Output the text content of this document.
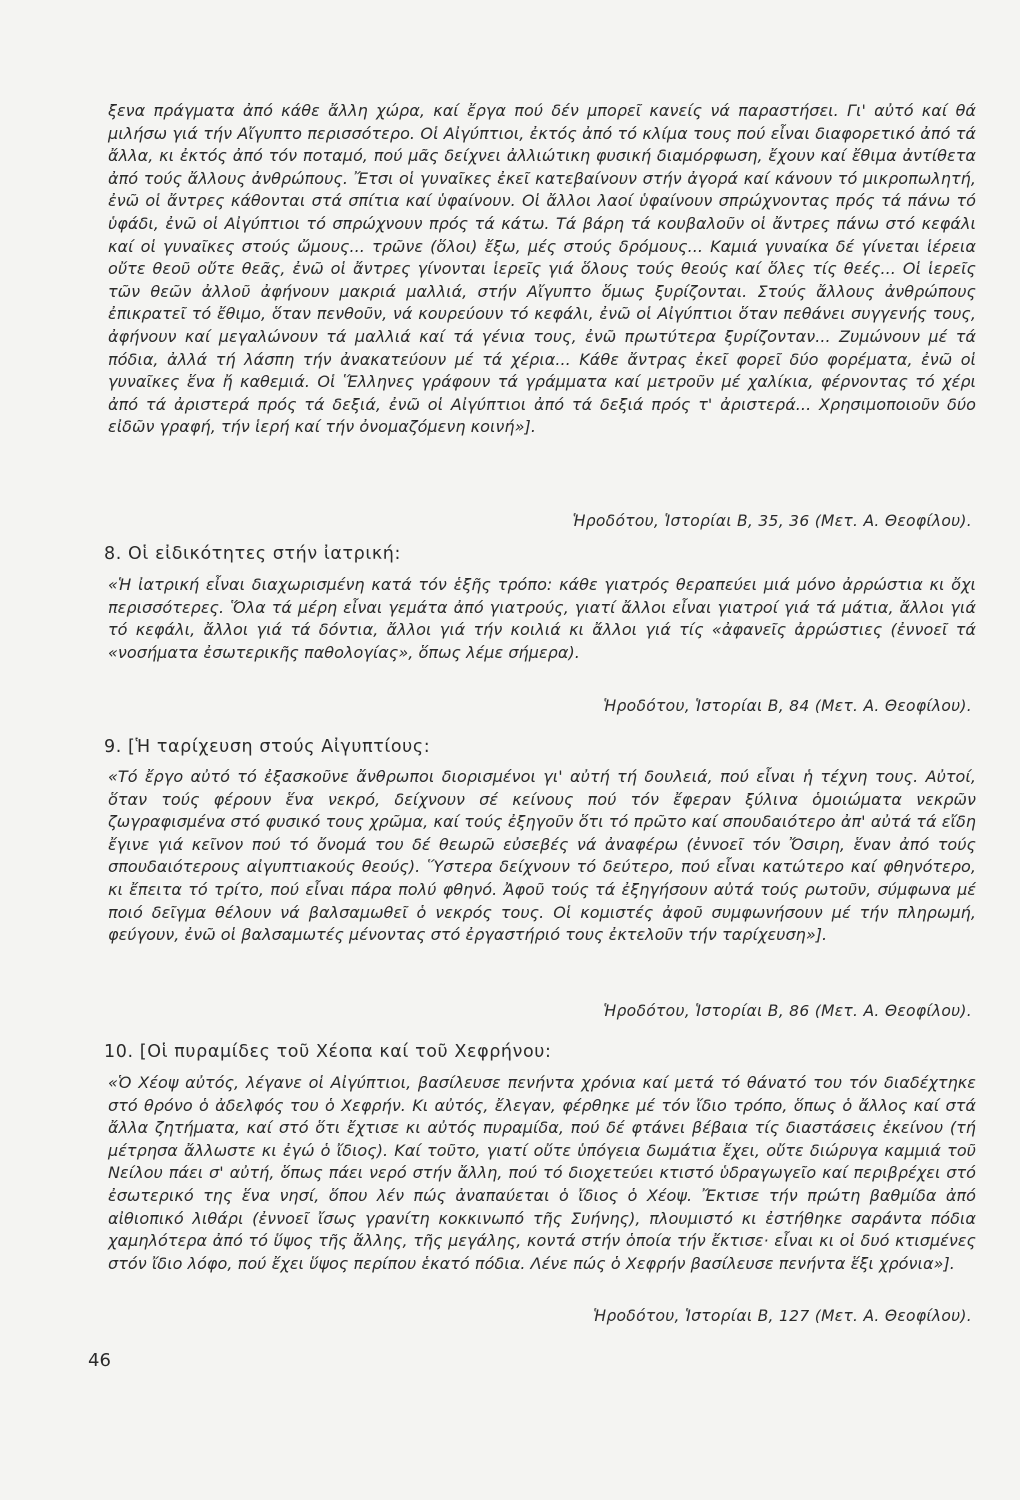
ξενα πράγματα ἀπό κάθε ἄλλη χώρα, καί ἔργα πού δέν μπορεῖ κανείς νά παραστήσει. Γι' αὐτό καί θά μιλήσω γιά τήν Αἴγυπτο περισσότερο. Οἱ Αἰγύπτιοι, ἐκτός ἀπό τό κλίμα τους πού εἶναι διαφορετικό ἀπό τά ἄλλα, κι ἐκτός ἀπό τόν ποταμό, πού μᾶς δείχνει ἀλλιώτικη φυσική διαμόρφωση, ἔχουν καί ἔθιμα ἀντίθετα ἀπό τούς ἄλλους ἀνθρώπους. Ἔτσι οἱ γυναῖκες ἐκεῖ κατεβαίνουν στήν ἀγορά καί κάνουν τό μικροπωλητή, ἐνῶ οἱ ἄντρες κάθονται στά σπίτια καί ὑφαίνουν. Οἱ ἄλλοι λαοί ὑφαίνουν σπρώχνοντας πρός τά πάνω τό ὑφάδι, ἐνῶ οἱ Αἰγύπτιοι τό σπρώχνουν πρός τά κάτω. Τά βάρη τά κουβαλοῦν οἱ ἄντρες πάνω στό κεφάλι καί οἱ γυναῖκες στούς ὤμους... τρῶνε (ὅλοι) ἔξω, μές στούς δρόμους... Καμιά γυναίκα δέ γίνεται ἱέρεια οὔτε θεοῦ οὔτε θεᾶς, ἐνῶ οἱ ἄντρες γίνονται ἱερεῖς γιά ὅλους τούς θεούς καί ὅλες τίς θεές... Οἱ ἱερεῖς τῶν θεῶν ἀλλοῦ ἀφήνουν μακριά μαλλιά, στήν Αἴγυπτο ὅμως ξυρίζονται. Στούς ἄλλους ἀνθρώπους ἐπικρατεῖ τό ἔθιμο, ὅταν πενθοῦν, νά κουρεύουν τό κεφάλι, ἐνῶ οἱ Αἰγύπτιοι ὅταν πεθάνει συγγενής τους, ἀφήνουν καί μεγαλώνουν τά μαλλιά καί τά γένια τους, ἐνῶ πρωτύτερα ξυρίζονταν... Ζυμώνουν μέ τά πόδια, ἀλλά τή λάσπη τήν ἀνακατεύουν μέ τά χέρια... Κάθε ἄντρας ἐκεῖ φορεῖ δύο φορέματα, ἐνῶ οἱ γυναῖκες ἕνα ἤ καθεμιά. Οἱ Ἕλληνες γράφουν τά γράμματα καί μετροῦν μέ χαλίκια, φέρνοντας τό χέρι ἀπό τά ἀριστερά πρός τά δεξιά, ἐνῶ οἱ Αἰγύπτιοι ἀπό τά δεξιά πρός τ' ἀριστερά... Χρησιμοποιοῦν δύο εἰδῶν γραφή, τήν ἱερή καί τήν ὀνομαζόμενη κοινή»].
Ἡροδότου, Ἱστορίαι Β, 35, 36 (Μετ. Α. Θεοφίλου).
8. Οἱ εἰδικότητες στήν ἰατρική:
«Ἡ ἰατρική εἶναι διαχωρισμένη κατά τόν ἑξῆς τρόπο: κάθε γιατρός θεραπεύει μιά μόνο ἀρρώστια κι ὄχι περισσότερες. Ὅλα τά μέρη εἶναι γεμάτα ἀπό γιατρούς, γιατί ἄλλοι εἶναι γιατροί γιά τά μάτια, ἄλλοι γιά τό κεφάλι, ἄλλοι γιά τά δόντια, ἄλλοι γιά τήν κοιλιά κι ἄλλοι γιά τίς «ἀφανεῖς ἀρρώστιες (ἐννοεῖ τά «νοσήματα ἐσωτερικῆς παθολογίας», ὅπως λέμε σήμερα).
Ἡροδότου, Ἱστορίαι Β, 84 (Μετ. Α. Θεοφίλου).
9. [Ἡ ταρίχευση στούς Αἰγυπτίους:
«Τό ἔργο αὐτό τό ἐξασκοῦνε ἄνθρωποι διορισμένοι γι' αὐτή τή δουλειά, πού εἶναι ἡ τέχνη τους. Αὐτοί, ὅταν τούς φέρουν ἕνα νεκρό, δείχνουν σέ κείνους πού τόν ἔφεραν ξύλινα ὁμοιώματα νεκρῶν ζωγραφισμένα στό φυσικό τους χρῶμα, καί τούς ἐξηγοῦν ὅτι τό πρῶτο καί σπουδαιότερο ἀπ' αὐτά τά εἴδη ἔγινε γιά κεῖνον πού τό ὄνομά του δέ θεωρῶ εὐσεβές νά ἀναφέρω (ἐννοεῖ τόν Ὄσιρη, ἕναν ἀπό τούς σπουδαιότερους αἰγυπτιακούς θεούς). Ὕστερα δείχνουν τό δεύτερο, πού εἶναι κατώτερο καί φθηνότερο, κι ἔπειτα τό τρίτο, πού εἶναι πάρα πολύ φθηνό. Ἀφοῦ τούς τά ἐξηγήσουν αὐτά τούς ρωτοῦν, σύμφωνα μέ ποιό δεῖγμα θέλουν νά βαλσαμωθεῖ ὁ νεκρός τους. Οἱ κομιστές ἀφοῦ συμφωνήσουν μέ τήν πληρωμή, φεύγουν, ἐνῶ οἱ βαλσαμωτές μένοντας στό ἐργαστήριό τους ἐκτελοῦν τήν ταρίχευση»].
Ἡροδότου, Ἱστορίαι Β, 86 (Μετ. Α. Θεοφίλου).
10. [Οἱ πυραμίδες τοῦ Χέοπα καί τοῦ Χεφρήνου:
«Ὁ Χέοψ αὐτός, λέγανε οἱ Αἰγύπτιοι, βασίλευσε πενήντα χρόνια καί μετά τό θάνατό του τόν διαδέχτηκε στό θρόνο ὁ ἀδελφός του ὁ Χεφρήν. Κι αὐτός, ἔλεγαν, φέρθηκε μέ τόν ἴδιο τρόπο, ὅπως ὁ ἄλλος καί στά ἄλλα ζητήματα, καί στό ὅτι ἔχτισε κι αὐτός πυραμίδα, πού δέ φτάνει βέβαια τίς διαστάσεις ἐκείνου (τή μέτρησα ἄλλωστε κι ἐγώ ὁ ἴδιος). Καί τοῦτο, γιατί οὔτε ὑπόγεια δωμάτια ἔχει, οὔτε διώρυγα καμμιά τοῦ Νείλου πάει σ' αὐτή, ὅπως πάει νερό στήν ἄλλη, πού τό διοχετεύει κτιστό ὑδραγωγεῖο καί περιβρέχει στό ἐσωτερικό της ἕνα νησί, ὅπου λέν πώς ἀναπαύεται ὁ ἴδιος ὁ Χέοψ. Ἔκτισε τήν πρώτη βαθμίδα ἀπό αἰθιοπικό λιθάρι (ἐννοεῖ ἴσως γρανίτη κοκκινωπό τῆς Συήνης), πλουμιστό κι ἐστήθηκε σαράντα πόδια χαμηλότερα ἀπό τό ὕψος τῆς ἄλλης, τῆς μεγάλης, κοντά στήν ὁποία τήν ἔκτισε· εἶναι κι οἱ δυό κτισμένες στόν ἴδιο λόφο, πού ἔχει ὕψος περίπου ἑκατό πόδια. Λένε πώς ὁ Χεφρήν βασίλευσε πενήντα ἕξι χρόνια»].
Ἡροδότου, Ἱστορίαι Β, 127 (Μετ. Α. Θεοφίλου).
46
